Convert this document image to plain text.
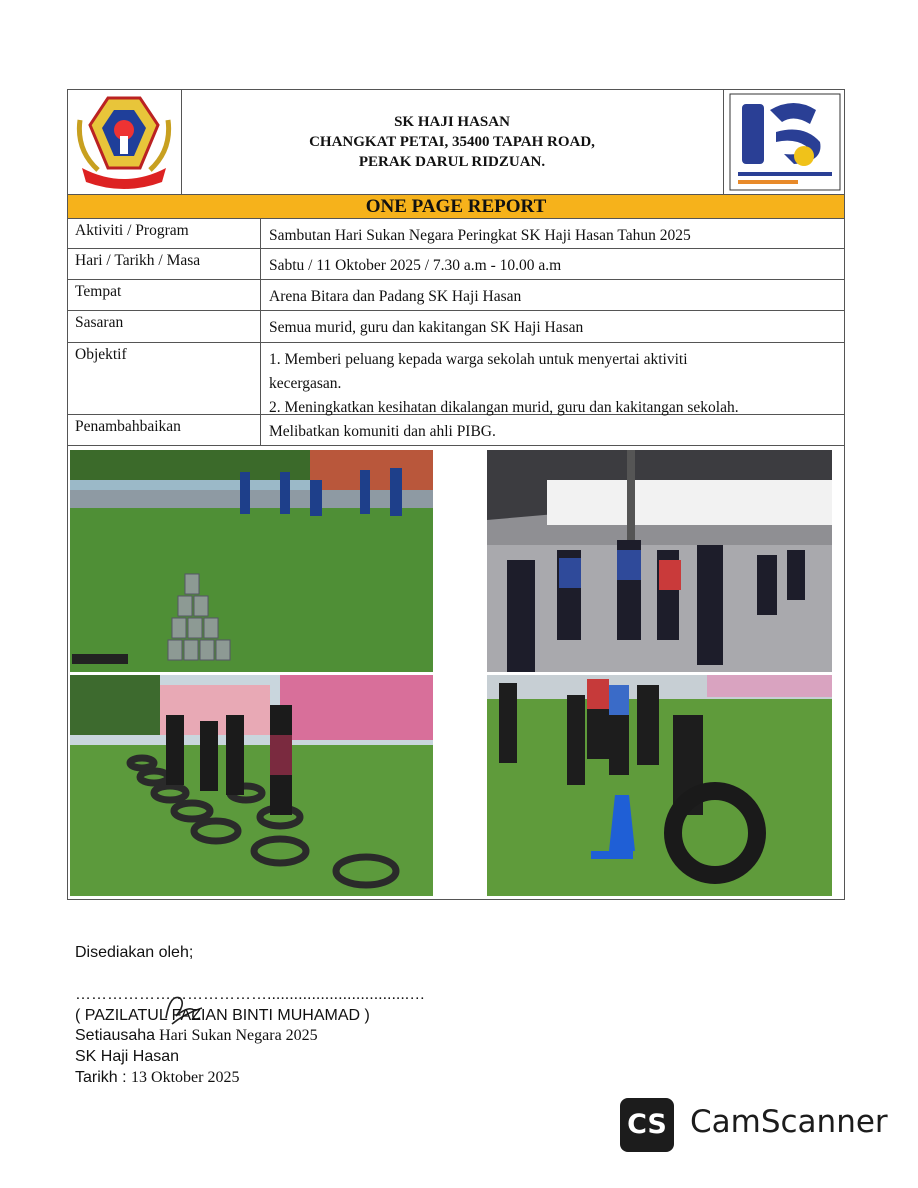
SK HAJI HASAN
CHANGKAT PETAI, 35400 TAPAH ROAD,
PERAK DARUL RIDZUAN.
ONE PAGE REPORT
Aktiviti / Program	Sambutan Hari Sukan Negara Peringkat SK Haji Hasan Tahun 2025
Hari / Tarikh / Masa	Sabtu / 11 Oktober 2025 / 7.30 a.m - 10.00 a.m
Tempat	Arena Bitara dan Padang SK Haji Hasan
Sasaran	Semua murid, guru dan kakitangan SK Haji Hasan
Objektif	1. Memberi peluang kepada warga sekolah untuk menyertai aktiviti
kecergasan.
2. Meningkatkan kesihatan dikalangan murid, guru dan kakitangan sekolah.
Penambahbaikan	Melibatkan komuniti dan ahli PIBG.
Disediakan oleh;
………………………………................................…
( PAZILATUL FAZIAN BINTI MUHAMAD )
Setiausaha Hari Sukan Negara 2025
SK Haji Hasan
Tarikh : 13 Oktober 2025
CS CamScanner
